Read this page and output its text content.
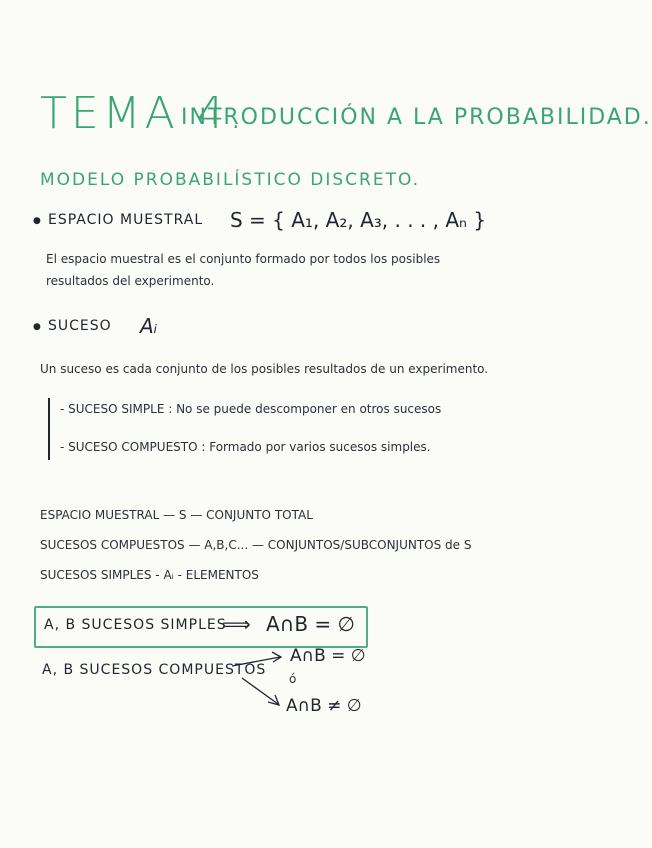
TEMA 4.
INTRODUCCIÓN A LA PROBABILIDAD.
MODELO PROBABILÍSTICO DISCRETO.
● ESPACIO MUESTRAL S = { A₁, A₂, A₃, . . . , Aₙ }
El espacio muestral es el conjunto formado por todos los posibles
resultados del experimento.
● SUCESO Aᵢ
Un suceso es cada conjunto de los posibles resultados de un experimento.
- SUCESO SIMPLE : No se puede descomponer en otros sucesos
- SUCESO COMPUESTO : Formado por varios sucesos simples.
ESPACIO MUESTRAL — S — CONJUNTO TOTAL
SUCESOS COMPUESTOS — A,B,C... — CONJUNTOS/SUBCONJUNTOS de S
SUCESOS SIMPLES - Aᵢ - ELEMENTOS
A, B SUCESOS SIMPLES
⟹ A∩B = ∅
A, B SUCESOS COMPUESTOS
A∩B = ∅
ó
A∩B ≠ ∅
